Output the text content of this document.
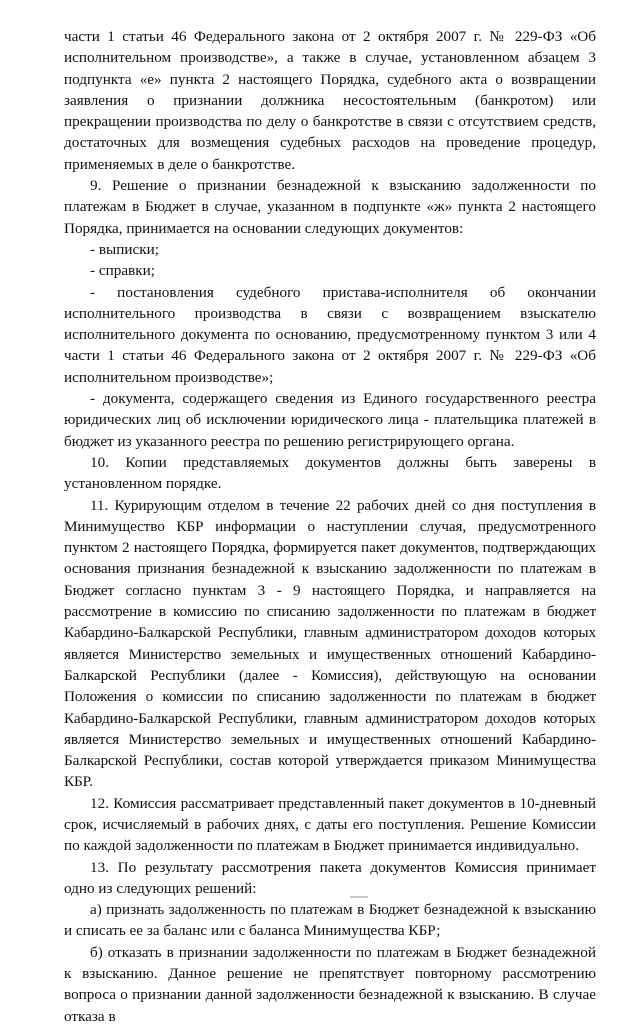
части 1 статьи 46 Федерального закона от 2 октября 2007 г. № 229-ФЗ «Об исполнительном производстве», а также в случае, установленном абзацем 3 подпункта «е» пункта 2 настоящего Порядка, судебного акта о возвращении заявления о признании должника несостоятельным (банкротом) или прекращении производства по делу о банкротстве в связи с отсутствием средств, достаточных для возмещения судебных расходов на проведение процедур, применяемых в деле о банкротстве.

9. Решение о признании безнадежной к взысканию задолженности по платежам в Бюджет в случае, указанном в подпункте «ж» пункта 2 настоящего Порядка, принимается на основании следующих документов:

- выписки;

- справки;

- постановления судебного пристава-исполнителя об окончании исполнительного производства в связи с возвращением взыскателю исполнительного документа по основанию, предусмотренному пунктом 3 или 4 части 1 статьи 46 Федерального закона от 2 октября 2007 г. № 229-ФЗ «Об исполнительном производстве»;

- документа, содержащего сведения из Единого государственного реестра юридических лиц об исключении юридического лица - плательщика платежей в бюджет из указанного реестра по решению регистрирующего органа.

10. Копии представляемых документов должны быть заверены в установленном порядке.

11. Курирующим отделом в течение 22 рабочих дней со дня поступления в Минимущество КБР информации о наступлении случая, предусмотренного пунктом 2 настоящего Порядка, формируется пакет документов, подтверждающих основания признания безнадежной к взысканию задолженности по платежам в Бюджет согласно пунктам 3 - 9 настоящего Порядка, и направляется на рассмотрение в комиссию по списанию задолженности по платежам в бюджет Кабардино-Балкарской Республики, главным администратором доходов которых является Министерство земельных и имущественных отношений Кабардино-Балкарской Республики (далее - Комиссия), действующую на основании Положения о комиссии по списанию задолженности по платежам в бюджет Кабардино-Балкарской Республики, главным администратором доходов которых является Министерство земельных и имущественных отношений Кабардино-Балкарской Республики, состав которой утверждается приказом Минимущества КБР.

12. Комиссия рассматривает представленный пакет документов в 10-дневный срок, исчисляемый в рабочих днях, с даты его поступления. Решение Комиссии по каждой задолженности по платежам в Бюджет принимается индивидуально.

13. По результату рассмотрения пакета документов Комиссия принимает одно из следующих решений:

а) признать задолженность по платежам в Бюджет безнадежной к взысканию и списать ее за баланс или с баланса Минимущества КБР;

б) отказать в признании задолженности по платежам в Бюджет безнадежной к взысканию. Данное решение не препятствует повторному рассмотрению вопроса о признании данной задолженности безнадежной к взысканию. В случае отказа в
